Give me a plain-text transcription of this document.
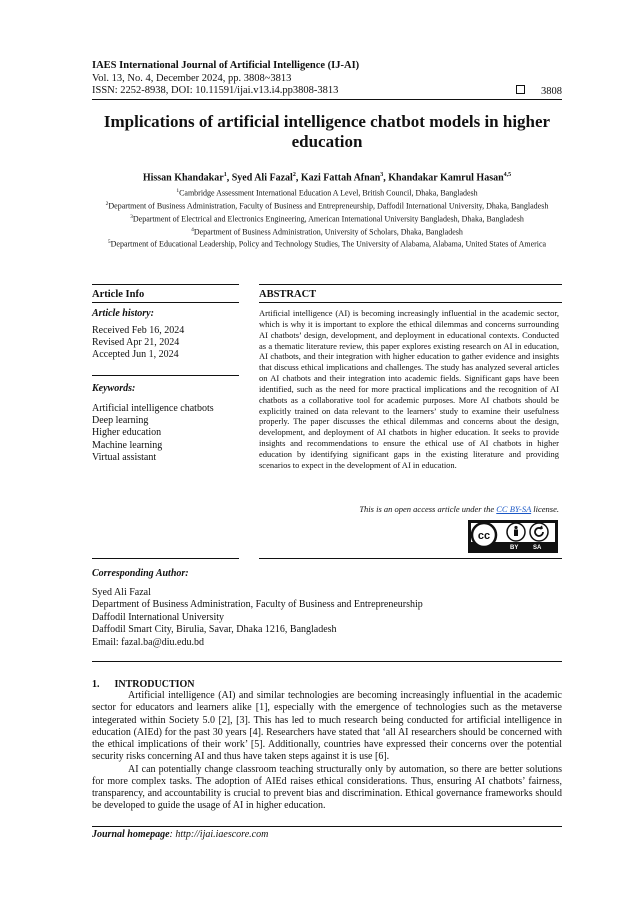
IAES International Journal of Artificial Intelligence (IJ-AI)
Vol. 13, No. 4, December 2024, pp. 3808~3813
ISSN: 2252-8938, DOI: 10.11591/ijai.v13.i4.pp3808-3813	3808
Implications of artificial intelligence chatbot models in higher education
Hissan Khandakar$^1$, Syed Ali Fazal$^2$, Kazi Fattah Afnan$^3$, Khandakar Kamrul Hasan$^{4,5}$
$^1$Cambridge Assessment International Education A Level, British Council, Dhaka, Bangladesh
$^2$Department of Business Administration, Faculty of Business and Entrepreneurship, Daffodil International University, Dhaka, Bangladesh
$^3$Department of Electrical and Electronics Engineering, American International University Bangladesh, Dhaka, Bangladesh
$^4$Department of Business Administration, University of Scholars, Dhaka, Bangladesh
$^5$Department of Educational Leadership, Policy and Technology Studies, The University of Alabama, Alabama, United States of America
Article Info	ABSTRACT
Article history:
Received Feb 16, 2024
Revised Apr 21, 2024
Accepted Jun 1, 2024
Keywords:
Artificial intelligence chatbots
Deep learning
Higher education
Machine learning
Virtual assistant
Artificial intelligence (AI) is becoming increasingly influential in the academic sector, which is why it is important to explore the ethical dilemmas and concerns surrounding AI chatbots’ design, development, and deployment in educational contexts. Conducted as a thematic literature review, this paper explores existing research on AI in education, AI chatbots, and their integration with higher education to gather evidence and insights that discuss ethical implications and challenges. The study has analyzed several articles on AI chatbots and their integration into academic fields. Significant gaps have been identified, such as the need for more practical implications and the recognition of AI chatbots as a collaborative tool for academic purposes. More AI chatbots should be explicitly trained on data relevant to the learners’ study to examine their usefulness properly. The paper discusses the ethical dilemmas and concerns about the design, development, and deployment of AI chatbots in higher education. It seeks to provide insights and recommendations to ensure the ethical use of AI chatbots in higher education by identifying significant gaps in the existing literature and providing scenarios to expect in the development of AI in education.
This is an open access article under the CC BY-SA license.
cc
BY SA
Corresponding Author:
Syed Ali Fazal
Department of Business Administration, Faculty of Business and Entrepreneurship
Daffodil International University
Daffodil Smart City, Birulia, Savar, Dhaka 1216, Bangladesh
Email: fazal.ba@diu.edu.bd
1.      INTRODUCTION

Artificial intelligence (AI) and similar technologies are becoming increasingly influential in the academic sector for educators and learners alike [1], especially with the emergence of technologies such as the metaverse integerated within Society 5.0 [2], [3]. This has led to much research being conducted for artificial intelligence in education (AIEd) for the past 30 years [4]. Researchers have stated that ‘all AI researchers should be concerned with the ethical implications of their work’ [5]. Additionally, countries have expressed their concerns over the potential security risks concerning AI and thus have taken steps against it is use [6].

AI can potentially change classroom teaching structurally only by automation, so there are better solutions for more complex tasks. The adoption of AIEd raises ethical considerations. Thus, ensuring AI chatbots’ fairness, transparency, and accountability is crucial to prevent bias and discrimination. Ethical governance frameworks should be developed to guide the usage of AI in higher education.

Journal homepage: http://ijai.iaescore.com
